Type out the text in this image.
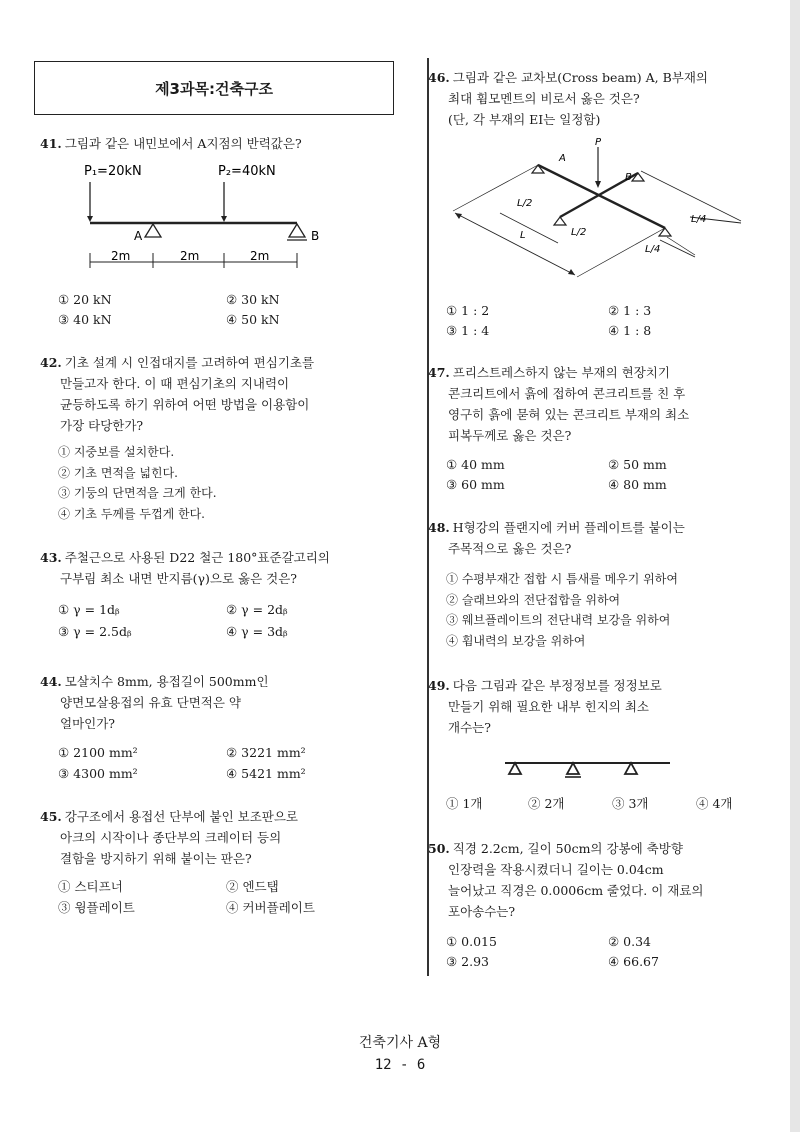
제3과목:건축구조
41. 그림과 같은 내민보에서 A지점의 반력값은?
P₁=20kN	P₂=40kN
A	B
2m	2m	2m
① 20 kN	② 30 kN
③ 40 kN	④ 50 kN
42. 기초 설계 시 인접대지를 고려하여 편심기초를
만들고자 한다. 이 때 편심기초의 지내력이
균등하도록 하기 위하여 어떤 방법을 이용함이
가장 타당한가?
① 지중보를 설치한다.
② 기초 면적을 넓힌다.
③ 기둥의 단면적을 크게 한다.
④ 기초 두께를 두껍게 한다.
43. 주철근으로 사용된 D22 철근 180°표준갈고리의
구부림 최소 내면 반지름(γ)으로 옳은 것은?
① γ = 1dᵦ	② γ = 2dᵦ
③ γ = 2.5dᵦ	④ γ = 3dᵦ
44. 모살치수 8mm, 용접길이 500mm인
양면모살용접의 유효 단면적은 약
얼마인가?
① 2100 mm²	② 3221 mm²
③ 4300 mm²	④ 5421 mm²
45. 강구조에서 용접선 단부에 붙인 보조판으로
아크의 시작이나 종단부의 크레이터 등의
결함을 방지하기 위해 붙이는 판은?
① 스티프너	② 엔드탭
③ 윙플레이트	④ 커버플레이트
46. 그림과 같은 교차보(Cross beam) A, B부재의
최대 휨모멘트의 비로서 옳은 것은?
(단, 각 부재의 EI는 일정함)
A
B
P
L
L/2
L/2
L/4
L/4
① 1 : 2	② 1 : 3
③ 1 : 4	④ 1 : 8
47. 프리스트레스하지 않는 부재의 현장치기
콘크리트에서 흙에 접하여 콘크리트를 친 후
영구히 흙에 묻혀 있는 콘크리트 부재의 최소
피복두께로 옳은 것은?
① 40 mm	② 50 mm
③ 60 mm	④ 80 mm
48. H형강의 플랜지에 커버 플레이트를 붙이는
주목적으로 옳은 것은?
① 수평부재간 접합 시 틈새를 메우기 위하여
② 슬래브와의 전단접합을 위하여
③ 웨브플레이트의 전단내력 보강을 위하여
④ 휨내력의 보강을 위하여
49. 다음 그림과 같은 부정정보를 정정보로
만들기 위해 필요한 내부 힌지의 최소
개수는?
① 1개	② 2개	③ 3개	④ 4개
50. 직경 2.2cm, 길이 50cm의 강봉에 축방향
인장력을 작용시켰더니 길이는 0.04cm
늘어났고 직경은 0.0006cm 줄었다. 이 재료의
포아송수는?
① 0.015	② 0.34
③ 2.93	④ 66.67
건축기사 A형
12 - 6
